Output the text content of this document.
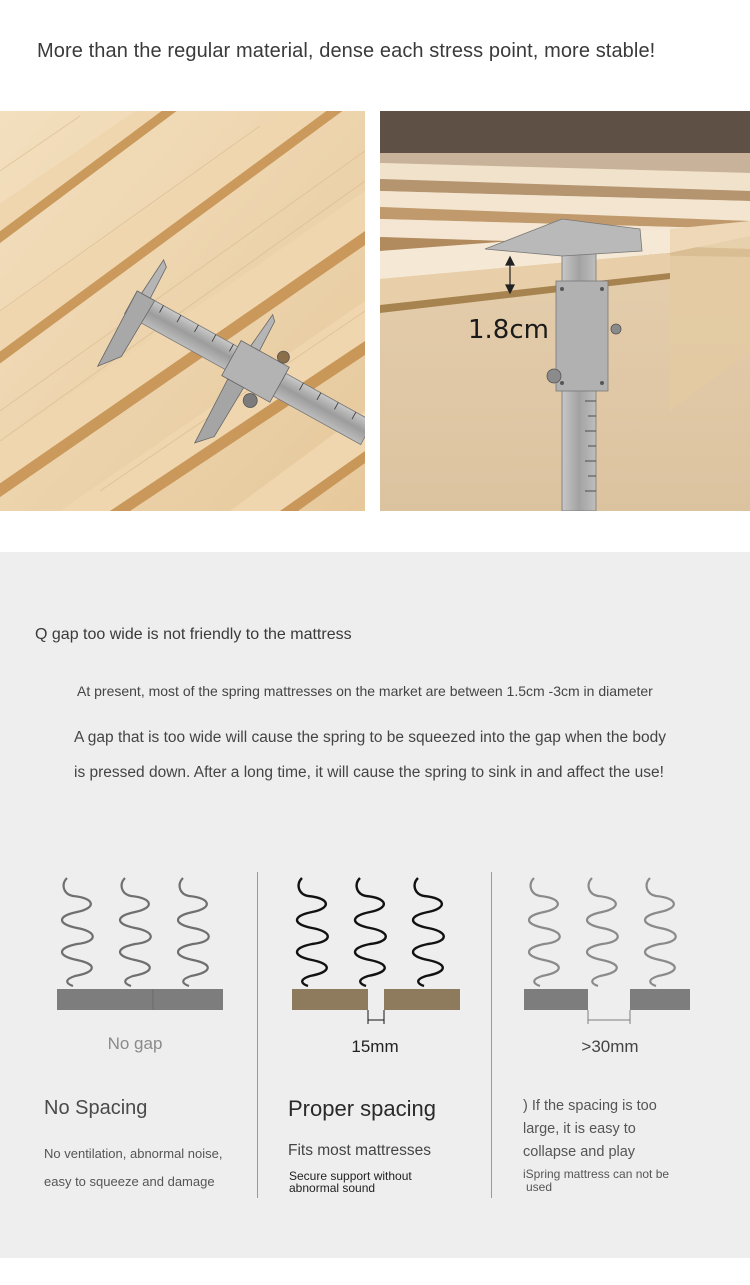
More than the regular material, dense each stress point, more stable!
1.8cm
Q gap too wide is not friendly to the mattress
At present, most of the spring mattresses on the market are between 1.5cm -3cm in diameter
A gap that is too wide will cause the spring to be squeezed into the gap when the body
is pressed down. After a long time, it will cause the spring to sink in and affect the use!
No gap	15mm	>30mm
No Spacing
No ventilation, abnormal noise,
easy to squeeze and damage
Proper spacing
Fits most mattresses
Secure support without
abnormal sound
) If the spacing is too
large, it is easy to
collapse and play
iSpring mattress can not be
used
